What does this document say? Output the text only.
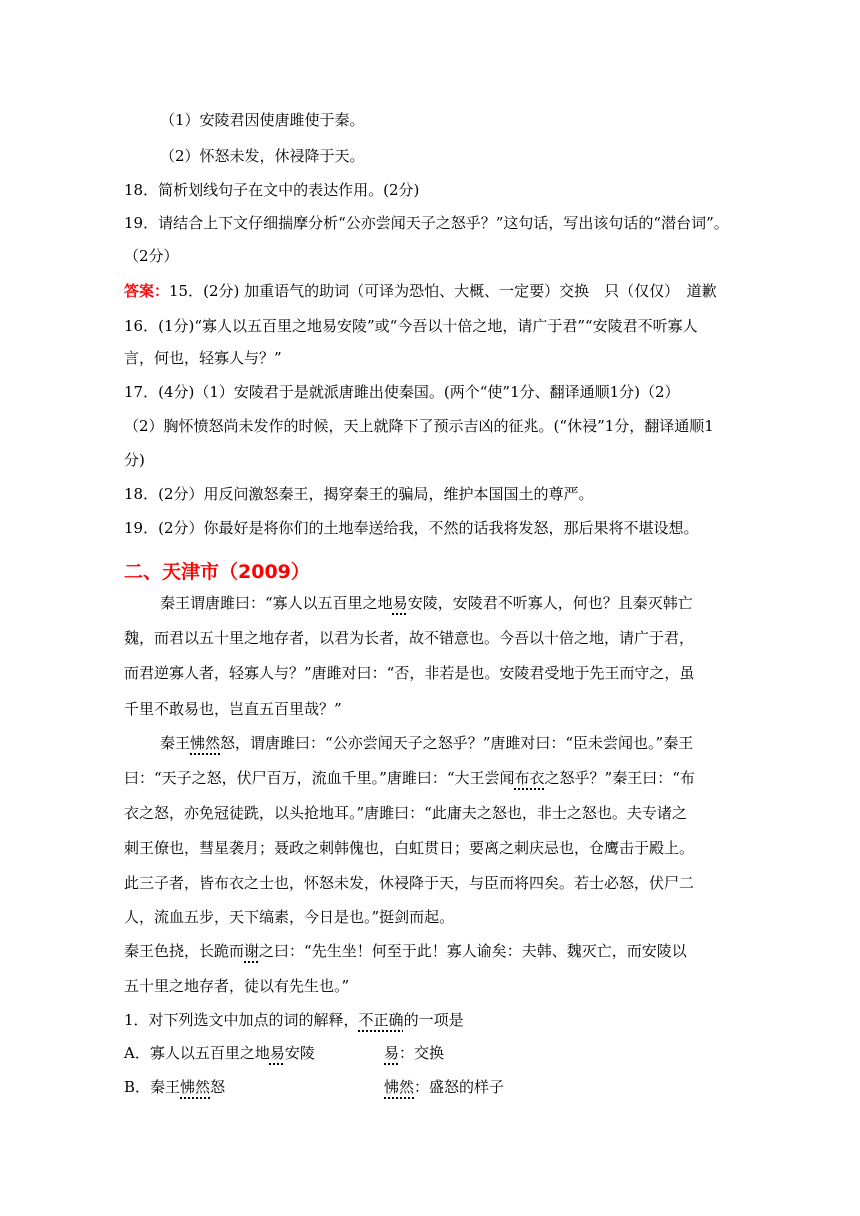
（1）安陵君因使唐雎使于秦。
（2）怀怒未发，休祲降于天。
18．简析划线句子在文中的表达作用。(2分)
19．请结合上下文仔细揣摩分析“公亦尝闻天子之怒乎？”这句话，写出该句话的“潜台词”。
（2分）
答案：15．(2分) 加重语气的助词（可译为恐怕、大概、一定要）交换　只（仅仅）　道歉
16．(1分)“寡人以五百里之地易安陵”或“今吾以十倍之地，请广于君”“安陵君不听寡人
言，何也，轻寡人与？”
17．(4分)（1）安陵君于是就派唐雎出使秦国。(两个“使”1分、翻译通顺1分)（2）
（2）胸怀愤怒尚未发作的时候，天上就降下了预示吉凶的征兆。(“休祲”1分，翻译通顺1
分)
18．(2分）用反问激怒秦王，揭穿秦王的骗局，维护本国国土的尊严。
19．(2分）你最好是将你们的土地奉送给我，不然的话我将发怒，那后果将不堪设想。
二、天津市（2009）
秦王谓唐雎曰：“寡人以五百里之地易安陵，安陵君不听寡人，何也？且秦灭韩亡
魏，而君以五十里之地存者，以君为长者，故不错意也。今吾以十倍之地，请广于君，
而君逆寡人者，轻寡人与？”唐雎对曰：“否，非若是也。安陵君受地于先王而守之，虽
千里不敢易也，岂直五百里哉？”
秦王怫然怒，谓唐雎曰：“公亦尝闻天子之怒乎？”唐雎对曰：“臣未尝闻也。”秦王
曰：“天子之怒，伏尸百万，流血千里。”唐雎曰：“大王尝闻布衣之怒乎？”秦王曰：“布
衣之怒，亦免冠徒跣，以头抢地耳。”唐雎曰：“此庸夫之怒也，非士之怒也。夫专诸之
刺王僚也，彗星袭月；聂政之刺韩傀也，白虹贯日；要离之刺庆忌也，仓鹰击于殿上。
此三子者，皆布衣之士也，怀怒未发，休祲降于天，与臣而将四矣。若士必怒，伏尸二
人，流血五步，天下缟素，今日是也。”挺剑而起。
秦王色挠，长跪而谢之曰：“先生坐！何至于此！寡人谕矣：夫韩、魏灭亡，而安陵以
五十里之地存者，徒以有先生也。”
1．对下列选文中加点的词的解释，不正确的一项是
A．寡人以五百里之地易安陵	易：交换
B．秦王怫然怒	怫然：盛怒的样子
